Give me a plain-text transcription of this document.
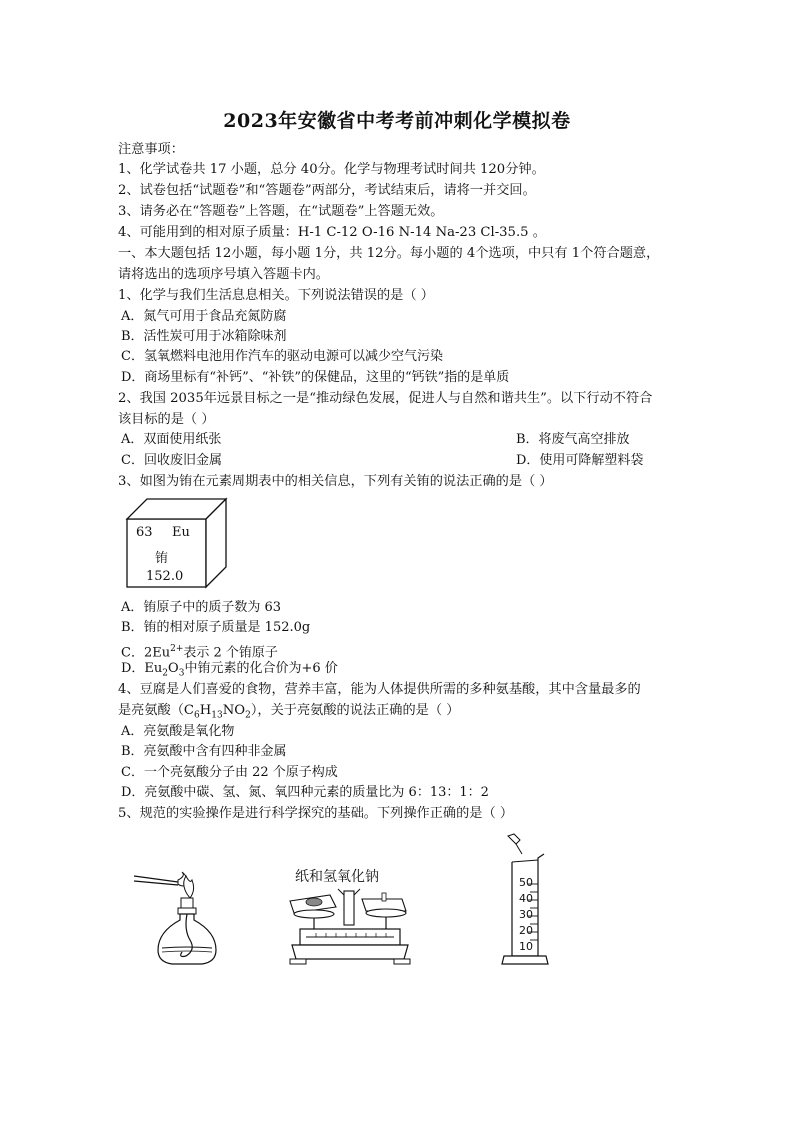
2023年安徽省中考考前冲刺化学模拟卷
注意事项：
1、化学试卷共 17 小题，总分 40分。化学与物理考试时间共 120分钟。
2、试卷包括“试题卷”和“答题卷”两部分，考试结束后，请将一并交回。
3、请务必在“答题卷”上答题，在“试题卷”上答题无效。
4、可能用到的相对原子质量：H-1 C-12 O-16 N-14 Na-23 Cl-35.5 。
一、本大题包括 12小题，每小题 1分，共 12分。每小题的 4个选项，中只有 1个符合题意，
请将选出的选项序号填入答题卡内。
1、化学与我们生活息息相关。下列说法错误的是（ ）
A．氮气可用于食品充氮防腐
B．活性炭可用于冰箱除味剂
C．氢氧燃料电池用作汽车的驱动电源可以减少空气污染
D．商场里标有“补钙”、“补铁”的保健品，这里的“钙铁”指的是单质
2、我国 2035年远景目标之一是“推动绿色发展，促进人与自然和谐共生”。以下行动不符合
该目标的是（ ）
A．双面使用纸张	B．将废气高空排放
C．回收废旧金属	D．使用可降解塑料袋
3、如图为铕在元素周期表中的相关信息，下列有关铕的说法正确的是（ ）
63 Eu
铕
152.0
A．铕原子中的质子数为 63
B．铕的相对原子质量是 152.0g
C．$2Eu^{2+}$表示 2 个铕原子
D．$Eu_2O_3$中铕元素的化合价为+6 价
4、豆腐是人们喜爱的食物，营养丰富，能为人体提供所需的多种氨基酸，其中含量最多的
是亮氨酸$(C_6H_{13}NO_2)$，关于亮氨酸的说法正确的是（ ）
A．亮氨酸是氧化物
B．亮氨酸中含有四种非金属
C．一个亮氨酸分子由 22 个原子构成
D．亮氨酸中碳、氢、氮、氧四种元素的质量比为 6：13：1：2
5、规范的实验操作是进行科学探究的基础。下列操作正确的是（ ）
纸和氢氧化钠	50
40
30
20
10
